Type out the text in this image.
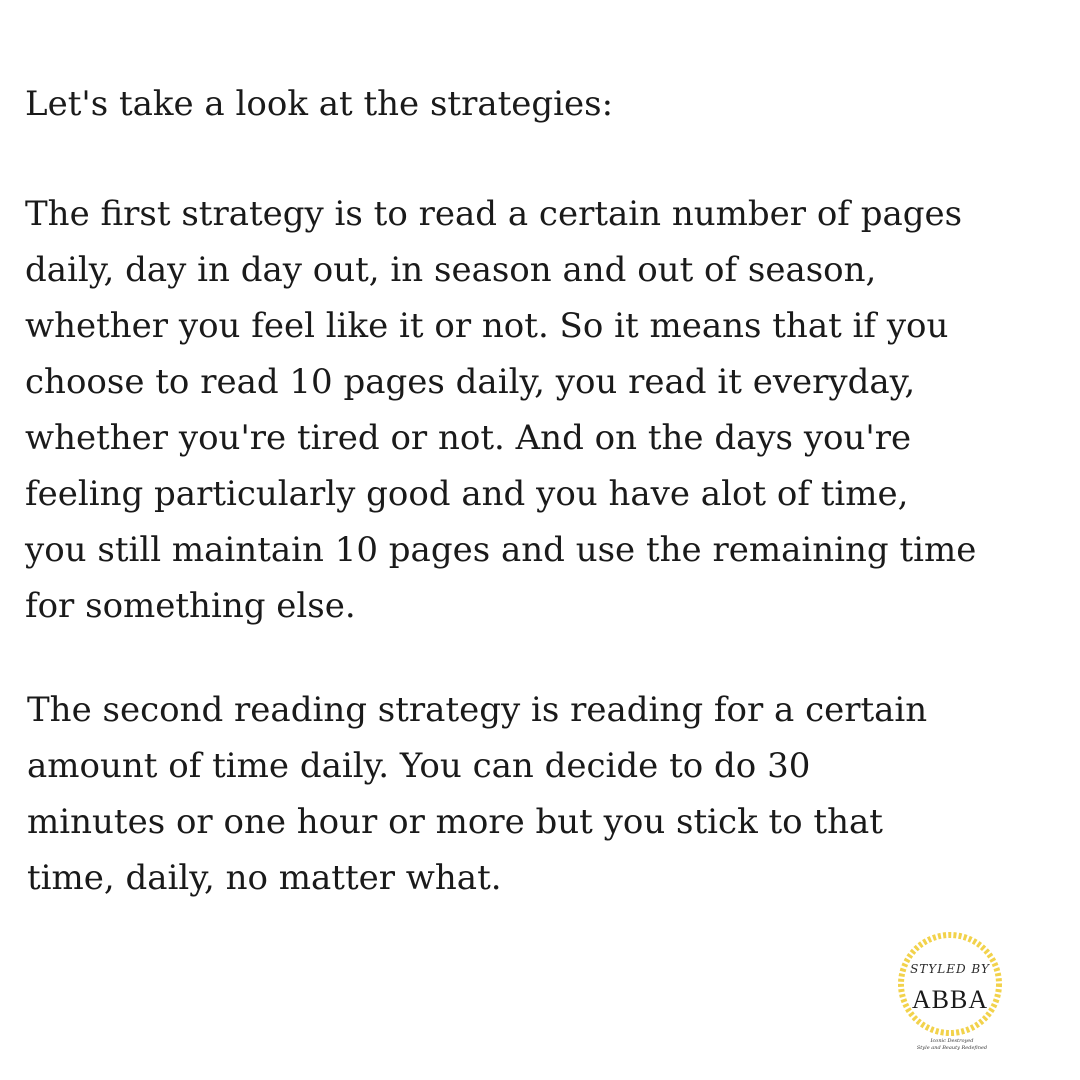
Let's take a look at the strategies:
The first strategy is to read a certain number of pages
daily, day in day out, in season and out of season,
whether you feel like it or not. So it means that if you
choose to read 10 pages daily, you read it everyday,
whether you're tired or not. And on the days you're
feeling particularly good and you have alot of time,
you still maintain 10 pages and use the remaining time
for something else.
The second reading strategy is reading for a certain
amount of time daily. You can decide to do 30
minutes or one hour or more but you stick to that
time, daily, no matter what.
STYLED BY
ABBA
Iconic Destroyed
Style and Beauty Redefined
